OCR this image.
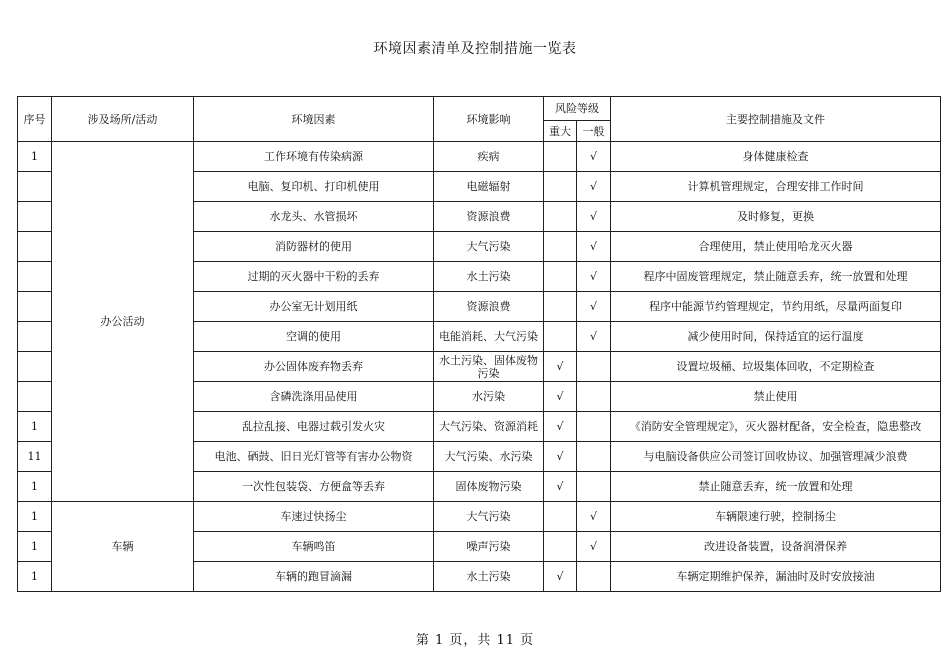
环境因素清单及控制措施一览表
序号	涉及场所/活动	环境因素	环境影响	风险等级		主要控制措施及文件
				重大	一般	
1	办公活动	工作环境有传染病源	疾病		√	身体健康检查
		电脑、复印机、打印机使用	电磁辐射		√	计算机管理规定，合理安排工作时间
		水龙头、水管损坏	资源浪费		√	及时修复，更换
		消防器材的使用	大气污染		√	合理使用，禁止使用哈龙灭火器
		过期的灭火器中干粉的丢弃	水土污染		√	程序中固废管理规定，禁止随意丢弃，统一放置和处理
		办公室无计划用纸	资源浪费		√	程序中能源节约管理规定，节约用纸，尽量两面复印
		空调的使用	电能消耗、大气污染		√	减少使用时间，保持适宜的运行温度
		办公固体废弃物丢弃	水土污染、固体废物污染	√		设置垃圾桶、垃圾集体回收，不定期检查
		含磷洗涤用品使用	水污染	√		禁止使用
1		乱拉乱接、电器过载引发火灾	大气污染、资源消耗	√		《消防安全管理规定》，灭火器材配备，安全检查，隐患整改
11		电池、硒鼓、旧日光灯管等有害办公物资	大气污染、水污染	√		与电脑设备供应公司签订回收协议、加强管理减少浪费
1		一次性包装袋、方便盒等丢弃	固体废物污染	√		禁止随意丢弃，统一放置和处理
1	车辆	车速过快扬尘	大气污染		√	车辆限速行驶，控制扬尘
1		车辆鸣笛	噪声污染		√	改进设备装置，设备润滑保养
1		车辆的跑冒滴漏	水土污染	√		车辆定期维护保养，漏油时及时安放接油
第 1 页，共 11 页
